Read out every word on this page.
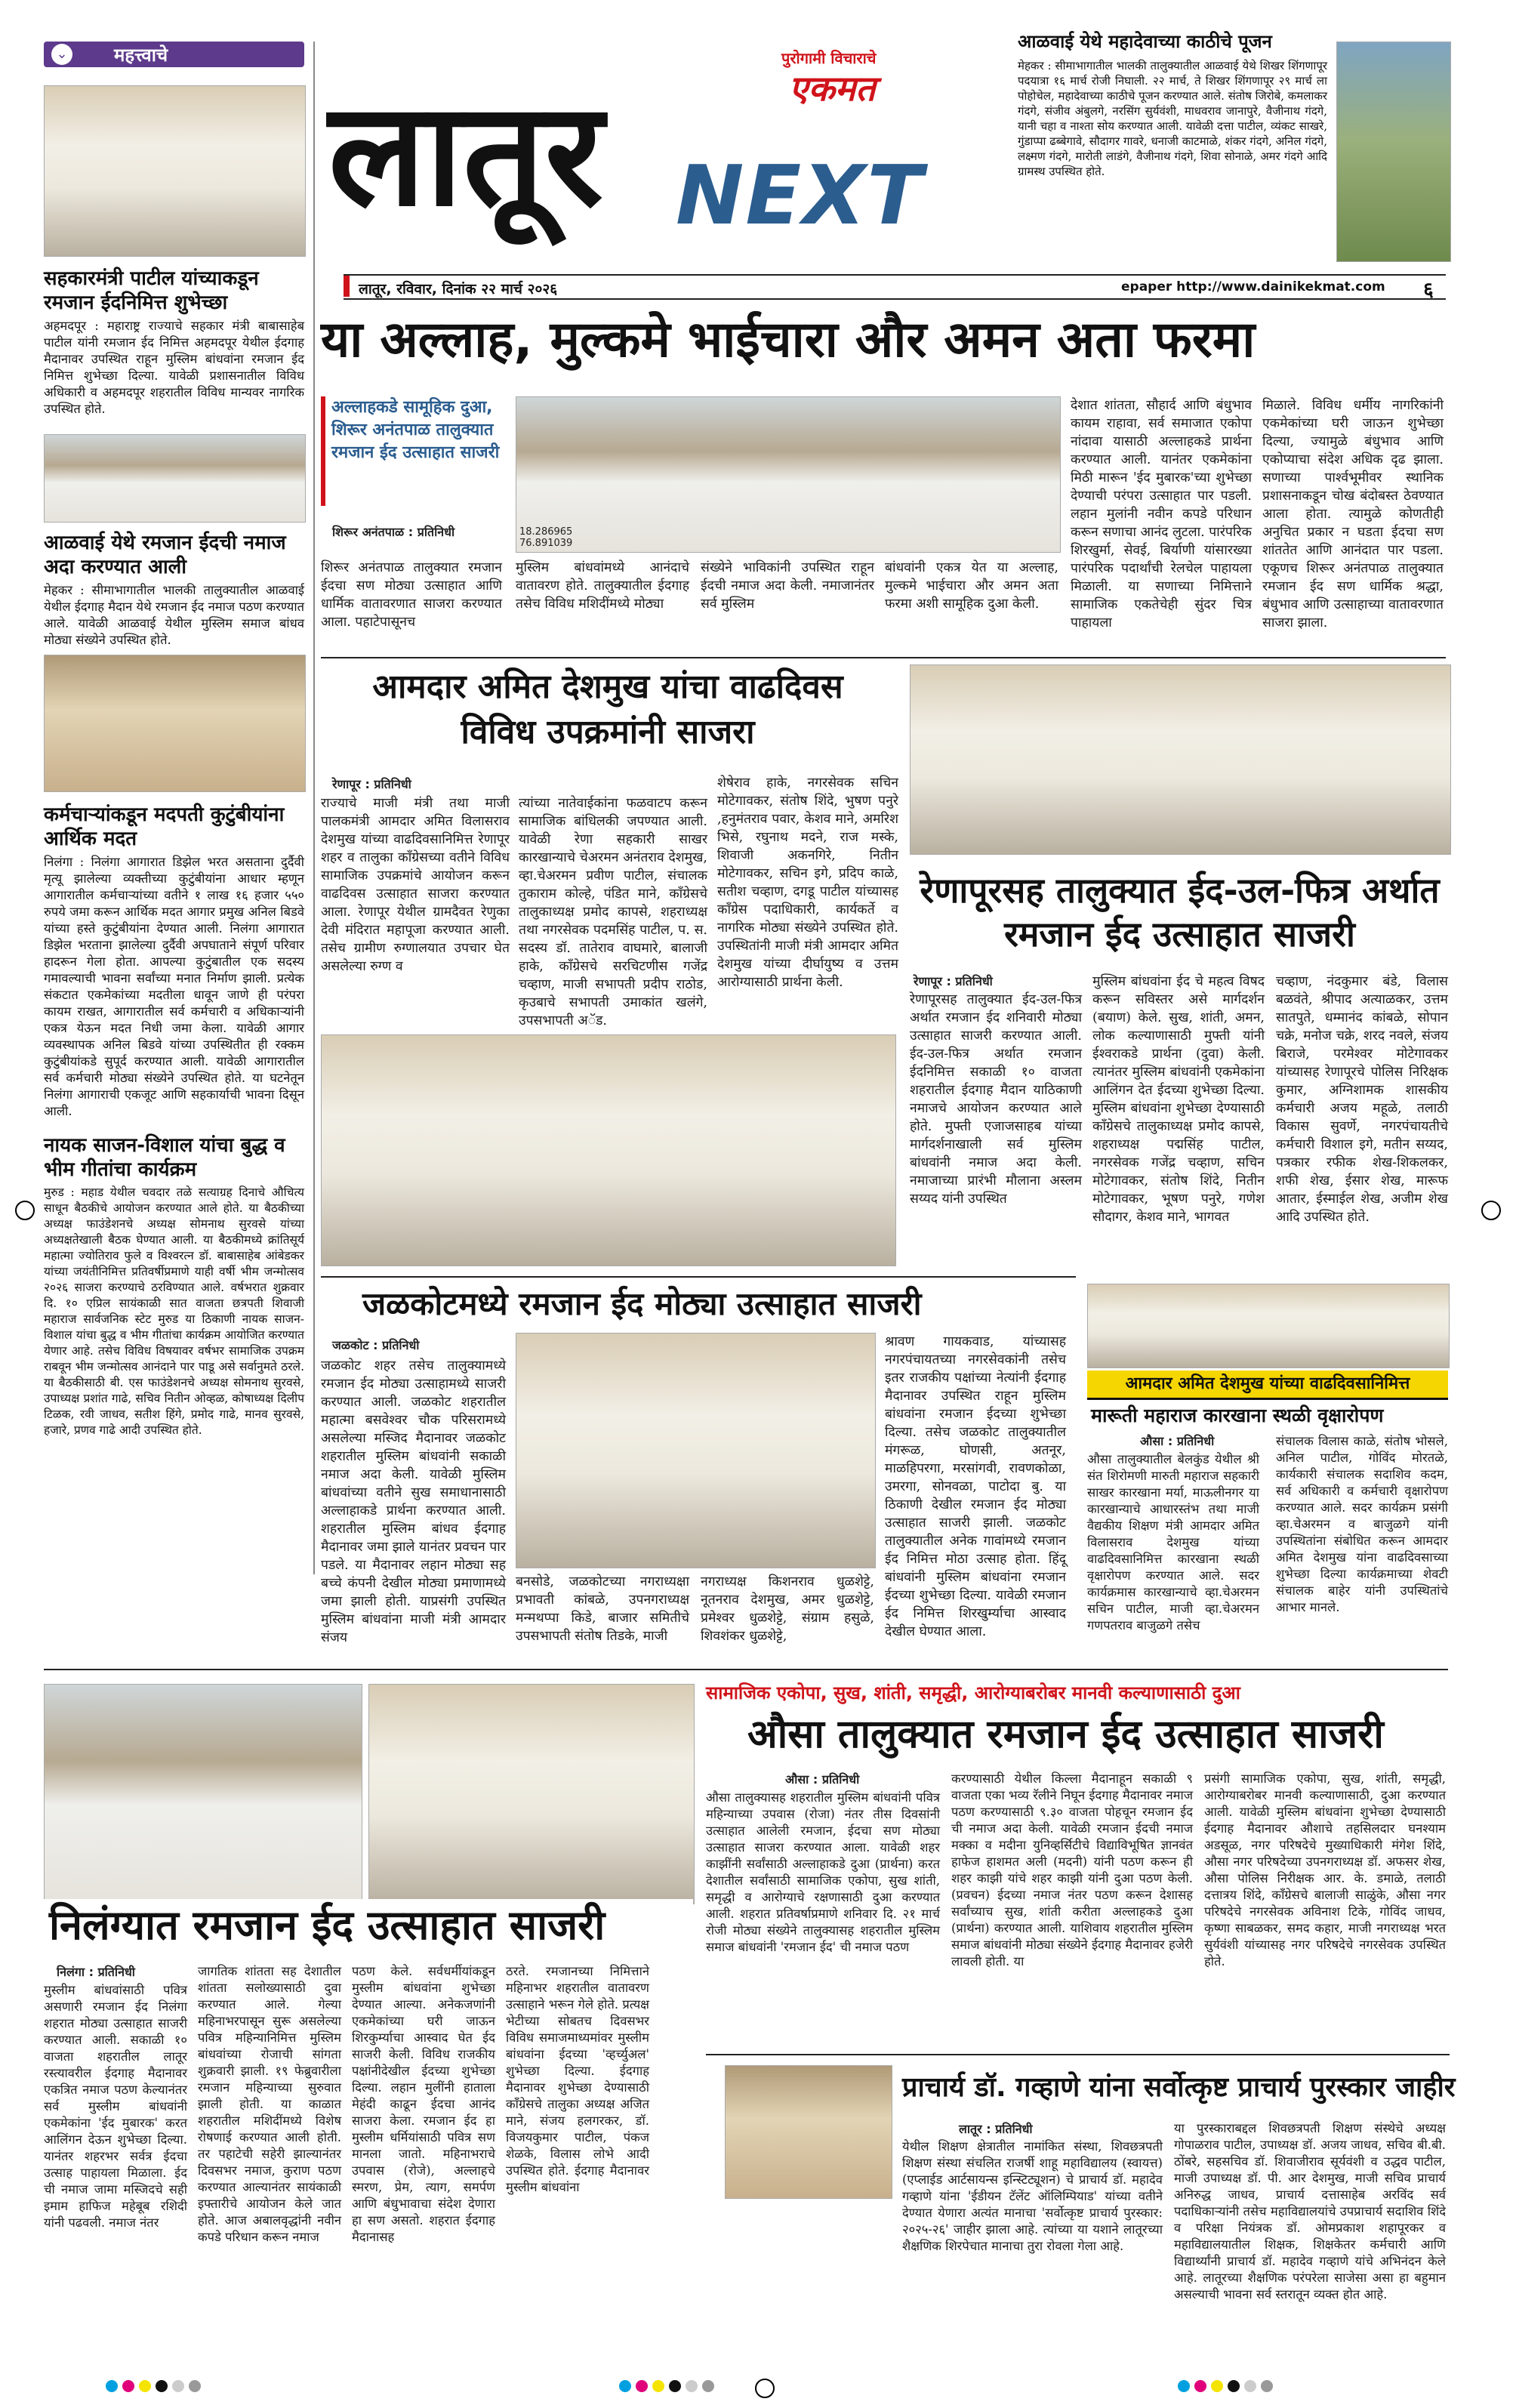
⌄	महत्त्वाचे
सहकारमंत्री पाटील यांच्याकडून रमजान ईदनिमित्त शुभेच्छा
अहमदपूर : महाराष्ट्र राज्याचे सहकार मंत्री बाबासाहेब पाटील यांनी रमजान ईद निमित्त अहमदपूर येथील ईदगाह मैदानावर उपस्थित राहून मुस्लिम बांधवांना रमजान ईद निमित्त शुभेच्छा दिल्या. यावेळी प्रशासनातील विविध अधिकारी व अहमदपूर शहरातील विविध मान्यवर नागरिक उपस्थित होते.
आळवाई येथे रमजान ईदची नमाज अदा करण्यात आली
मेहकर : सीमाभागातील भालकी तालुक्यातील आळवाई येथील ईदगाह मैदान येथे रमजान ईद नमाज पठण करण्यात आले. यावेळी आळवाई येथील मुस्लिम समाज बांधव मोठ्या संख्येने उपस्थित होते.
कर्मचाऱ्यांकडून मदपती कुटुंबीयांना आर्थिक मदत
निलंगा : निलंगा आगारात डिझेल भरत असताना दुर्दैवी मृत्यू झालेल्या व्यक्तीच्या कुटुंबीयांना आधार म्हणून आगारातील कर्मचाऱ्यांच्या वतीने १ लाख १६ हजार ५५० रुपये जमा करून आर्थिक मदत आगार प्रमुख अनिल बिडवे यांच्या हस्ते कुटुंबीयांना देण्यात आली. निलंगा आगारात डिझेल भरताना झालेल्या दुर्दैवी अपघाताने संपूर्ण परिवार हादरून गेला होता. आपल्या कुटुंबातील एक सदस्य गमावल्याची भावना सर्वांच्या मनात निर्माण झाली. प्रत्येक संकटात एकमेकांच्या मदतीला धावून जाणे ही परंपरा कायम राखत, आगारातील सर्व कर्मचारी व अधिकाऱ्यांनी एकत्र येऊन मदत निधी जमा केला. यावेळी आगार व्यवस्थापक अनिल बिडवे यांच्या उपस्थितीत ही रक्कम कुटुंबीयांकडे सुपूर्द करण्यात आली. यावेळी आगारातील सर्व कर्मचारी मोठ्या संख्येने उपस्थित होते. या घटनेतून निलंगा आगाराची एकजूट आणि सहकार्याची भावना दिसून आली.
नायक साजन-विशाल यांचा बुद्ध व भीम गीतांचा कार्यक्रम
मुरुड : महाड येथील चवदार तळे सत्याग्रह दिनाचे औचित्य साधून बैठकीचे आयोजन करण्यात आले होते. या बैठकीच्या अध्यक्ष फाउंडेशनचे अध्यक्ष सोमनाथ सुरवसे यांच्या अध्यक्षतेखाली बैठक घेण्यात आली. या बैठकीमध्ये क्रांतिसूर्य महात्मा ज्योतिराव फुले व विश्वरत्न डॉ. बाबासाहेब आंबेडकर यांच्या जयंतीनिमित्त प्रतिवर्षीप्रमाणे याही वर्षी भीम जन्मोत्सव २०२६ साजरा करण्याचे ठरविण्यात आले. वर्षभरात शुक्रवार दि. १० एप्रिल सायंकाळी सात वाजता छत्रपती शिवाजी महाराज सार्वजनिक स्टेट मुरुड या ठिकाणी नायक साजन-विशाल यांचा बुद्ध व भीम गीतांचा कार्यक्रम आयोजित करण्यात येणार आहे. तसेच विविध विषयावर वर्षभर सामाजिक उपक्रम राबवून भीम जन्मोत्सव आनंदाने पार पाडू असे सर्वानुमते ठरले. या बैठकीसाठी बी. एस फाउंडेशनचे अध्यक्ष सोमनाथ सुरवसे, उपाध्यक्ष प्रशांत गाढे, सचिव नितीन ओव्हळ, कोषाध्यक्ष दिलीप टिळक, रवी जाधव, सतीश हिंगे, प्रमोद गाढे, मानव सुरवसे, हजारे, प्रणव गाढे आदी उपस्थित होते.
लातूर
पुरोगामी विचाराचे
एकमत
NEXT
लातूर, रविवार, दिनांक २२ मार्च २०२६	epaper http://www.dainikekmat.com	६
आळवाई येथे महादेवाच्या काठीचे पूजन
मेहकर : सीमाभागातील भालकी तालुक्यातील आळवाई येथे शिखर शिंगणापूर पदयात्रा १६ मार्च रोजी निघाली. २२ मार्च, ते शिखर शिंगणापूर २९ मार्च ला पोहोचेल, महादेवाच्या काठीचे पूजन करण्यात आले. संतोष जिरोबे, कमलाकर गंदगे, संजीव अंबुलगे, नरसिंग सुर्यवंशी, माधवराव जानापुरे, वैजीनाथ गंदगे, यानी चहा व नाश्ता सोय करण्यात आली. यावेळी दत्ता पाटील, व्यंकट साखरे, गुंडाप्पा ढब्बेगावे, सौदागर गावरे, धनाजी काटमाळे, शंकर गंदगे, अनिल गंदगे, लक्ष्मण गंदगे, मारोती लाडंगे, वैजीनाथ गंदगे, शिवा सोनाळे, अमर गंदगे आदि ग्रामस्थ उपस्थित होते.
या अल्लाह, मुल्कमे भाईचारा और अमन अता फरमा
अल्लाहकडे सामूहिक दुआ, शिरूर अनंतपाळ तालुक्यात रमजान ईद उत्साहात साजरी
शिरूर अनंतपाळ : प्रतिनिधी	18.286965 76.891039
शिरूर अनंतपाळ तालुक्यात रमजान ईदचा सण मोठ्या उत्साहात आणि धार्मिक वातावरणात साजरा करण्यात आला. पहाटेपासूनच
मुस्लिम बांधवांमध्ये आनंदाचे वातावरण होते. तालुक्यातील ईदगाह तसेच विविध मशिदींमध्ये मोठ्या
संख्येने भाविकांनी उपस्थित राहून ईदची नमाज अदा केली. नमाजानंतर सर्व मुस्लिम
बांधवांनी एकत्र येत या अल्लाह, मुल्कमे भाईचारा और अमन अता फरमा अशी सामूहिक दुआ केली.
देशात शांतता, सौहार्द आणि बंधुभाव कायम राहावा, सर्व समाजात एकोपा नांदावा यासाठी अल्लाहकडे प्रार्थना करण्यात आली. यानंतर एकमेकांना मिठी मारून 'ईद मुबारक'च्या शुभेच्छा देण्याची परंपरा उत्साहात पार पडली. लहान मुलांनी नवीन कपडे परिधान करून सणाचा आनंद लुटला. पारंपरिक शिरखुर्मा, सेवई, बिर्याणी यांसारख्या पारंपरिक पदार्थांची रेलचेल पाहायला मिळाली. या सणाच्या निमित्ताने सामाजिक एकतेचेही सुंदर चित्र पाहायला
मिळाले. विविध धर्मीय नागरिकांनी एकमेकांच्या घरी जाऊन शुभेच्छा दिल्या, ज्यामुळे बंधुभाव आणि एकोप्याचा संदेश अधिक दृढ झाला. सणाच्या पार्श्वभूमीवर स्थानिक प्रशासनाकडून चोख बंदोबस्त ठेवण्यात आला होता. त्यामुळे कोणतीही अनुचित प्रकार न घडता ईदचा सण शांततेत आणि आनंदात पार पडला. एकूणच शिरूर अनंतपाळ तालुक्यात रमजान ईद सण धार्मिक श्रद्धा, बंधुभाव आणि उत्साहाच्या वातावरणात साजरा झाला.
आमदार अमित देशमुख यांचा वाढदिवस विविध उपक्रमांनी साजरा
रेणापूर : प्रतिनिधी
राज्याचे माजी मंत्री तथा माजी पालकमंत्री आमदार अमित विलासराव देशमुख यांच्या वाढदिवसानिमित्त रेणापूर शहर व तालुका काँग्रेसच्या वतीने विविध सामाजिक उपक्रमांचे आयोजन करून वाढदिवस उत्साहात साजरा करण्यात आला. रेणापूर येथील ग्रामदैवत रेणुका देवी मंदिरात महापूजा करण्यात आली. तसेच ग्रामीण रुग्णालयात उपचार घेत असलेल्या रुग्ण व
त्यांच्या नातेवाईकांना फळवाटप करून सामाजिक बांधिलकी जपण्यात आली. यावेळी रेणा सहकारी साखर कारखान्याचे चेअरमन अनंतराव देशमुख, व्हा.चेअरमन प्रवीण पाटील, संचालक तुकाराम कोल्हे, पंडित माने, कॉंग्रेसचे तालुकाध्यक्ष प्रमोद कापसे, शहराध्यक्ष तथा नगरसेवक पदमसिंह पाटील, प. स. सदस्य डॉ. तातेराव वाघमारे, बालाजी हाके, काँग्रेसचे सरचिटणीस गजेंद्र चव्हाण, माजी सभापती प्रदीप राठोड, कृउबाचे सभापती उमाकांत खलंगे, उपसभापती अॅड.
शेषेराव हाके, नगरसेवक सचिन मोटेगावकर, संतोष शिंदे, भुषण पनुरे ,हनुमंतराव पवार, केशव माने, अमरिश भिसे, रघुनाथ मदने, राज मस्के, शिवाजी अकनगिरे, नितीन मोटेगावकर, सचिन इगे, प्रदिप काळे, सतीश चव्हाण, दगडू पाटील यांच्यासह काँग्रेस पदाधिकारी, कार्यकर्ते व नागरिक मोठ्या संख्येने उपस्थित होते. उपस्थितांनी माजी मंत्री आमदार अमित देशमुख यांच्या दीर्घायुष्य व उत्तम आरोग्यासाठी प्रार्थना केली.
रेणापूरसह तालुक्यात ईद-उल-फित्र अर्थात रमजान ईद उत्साहात साजरी
रेणापूर : प्रतिनिधी
रेणापूरसह तालुक्यात ईद-उल-फित्र अर्थात रमजान ईद शनिवारी मोठ्या उत्साहात साजरी करण्यात आली. ईद-उल-फित्र अर्थात रमजान ईदनिमित्त सकाळी १० वाजता शहरातील ईदगाह मैदान याठिकाणी नमाजचे आयोजन करण्यात आले होते. मुफ्ती एजाजसाहब यांच्या मार्गदर्शनाखाली सर्व मुस्लिम बांधवांनी नमाज अदा केली. नमाजाच्या प्रारंभी मौलाना अस्लम सय्यद यांनी उपस्थित
मुस्लिम बांधवांना ईद चे महत्व विषद करून सविस्तर असे मार्गदर्शन (बयाण) केले. सुख, शांती, अमन, लोक कल्याणासाठी मुफ्ती यांनी ईश्वराकडे प्रार्थना (दुवा) केली. त्यानंतर मुस्लिम बांधवांनी एकमेकांना आलिंगन देत ईदच्या शुभेच्छा दिल्या. मुस्लिम बांधवांना शुभेच्छा देण्यासाठी कॉंग्रेसचे तालुकाध्यक्ष प्रमोद कापसे, शहराध्यक्ष पद्मसिंह पाटील, नगरसेवक गजेंद्र चव्हाण, सचिन मोटेगावकर, संतोष शिंदे, नितीन मोटेगावकर, भूषण पनुरे, गणेश सौदागर, केशव माने, भागवत
चव्हाण, नंदकुमार बंडे, विलास बळवंते, श्रीपाद अत्याळकर, उत्तम सातपुते, धम्मानंद कांबळे, सोपान चक्रे, मनोज चक्रे, शरद नवले, संजय बिराजे, परमेश्वर मोटेगावकर यांच्यासह रेणापूरचे पोलिस निरिक्षक कुमार, अग्निशामक शासकीय कर्मचारी अजय महूळे, तलाठी विकास सुवर्णे, नगरपंचायतीचे कर्मचारी विशाल इगे, मतीन सय्यद, पत्रकार रफीक शेख-शिकलकर, शफी शेख, ईसार शेख, मारूफ आतार, ईस्माईल शेख, अजीम शेख आदि उपस्थित होते.
जळकोटमध्ये रमजान ईद मोठ्या उत्साहात साजरी
जळकोट : प्रतिनिधी
जळकोट शहर तसेच तालुक्यामध्ये रमजान ईद मोठ्या उत्साहामध्ये साजरी करण्यात आली. जळकोट शहरातील महात्मा बसवेश्वर चौक परिसरामध्ये असलेल्या मस्जिद मैदानावर जळकोट शहरातील मुस्लिम बांधवांनी सकाळी नमाज अदा केली. यावेळी मुस्लिम बांधवांच्या वतीने सुख समाधानासाठी अल्लाहाकडे प्रार्थना करण्यात आली. शहरातील मुस्लिम बांधव ईदगाह मैदानावर जमा झाले यानंतर प्रवचन पार पडले. या मैदानावर लहान मोठ्या सह बच्चे कंपनी देखील मोठ्या प्रमाणामध्ये जमा झाली होती. याप्रसंगी उपस्थित मुस्लिम बांधवांना माजी मंत्री आमदार संजय
बनसोडे, जळकोटच्या नगराध्यक्षा प्रभावती कांबळे, उपनगराध्यक्ष मन्मथप्पा किडे, बाजार समितीचे उपसभापती संतोष तिडके, माजी
नगराध्यक्ष किशनराव धुळशेट्टे, नूतनराव देशमुख, अमर धुळशेट्टे, प्रमेश्वर धुळशेट्टे, संग्राम हसुळे, शिवशंकर धुळशेट्टे,
श्रावण गायकवाड, यांच्यासह नगरपंचायतच्या नगरसेवकांनी तसेच इतर राजकीय पक्षांच्या नेत्यांनी ईदगाह मैदानावर उपस्थित राहून मुस्लिम बांधवांना रमजान ईदच्या शुभेच्छा दिल्या. तसेच जळकोट तालुक्यातील मंगरूळ, घोणसी, अतनूर, माळहिपरगा, मरसांगवी, रावणकोळा, उमरगा, सोनवळा, पाटोदा बु. या ठिकाणी देखील रमजान ईद मोठ्या उत्साहात साजरी झाली. जळकोट तालुक्यातील अनेक गावांमध्ये रमजान ईद निमित्त मोठा उत्साह होता. हिंदू बांधवांनी मुस्लिम बांधवांना रमजान ईदच्या शुभेच्छा दिल्या. यावेळी रमजान ईद निमित्त शिरखुर्म्याचा आस्वाद देखील घेण्यात आला.
आमदार अमित देशमुख यांच्या वाढदिवसानिमित्त
मारूती महाराज कारखाना स्थळी वृक्षारोपण
औसा : प्रतिनिधी
औसा तालुक्यातील बेलकुंड येथील श्री संत शिरोमणी मारुती महाराज सहकारी साखर कारखाना मर्या, माऊलीनगर या कारखान्याचे आधारस्तंभ तथा माजी वैद्यकीय शिक्षण मंत्री आमदार अमित विलासराव देशमुख यांच्या वाढदिवसानिमित्त कारखाना स्थळी वृक्षारोपण करण्यात आले. सदर कार्यक्रमास कारखान्याचे व्हा.चेअरमन सचिन पाटील, माजी व्हा.चेअरमन गणपतराव बाजुळगे तसेच
संचालक विलास काळे, संतोष भोसले, अनिल पाटील, गोविंद मोरतळे, कार्यकारी संचालक सदाशिव कदम, सर्व अधिकारी व कर्मचारी वृक्षारोपण करण्यात आले. सदर कार्यक्रम प्रसंगी व्हा.चेअरमन व बाजुळगे यांनी उपस्थितांना संबोधित करून आमदार अमित देशमुख यांना वाढदिवसाच्या शुभेच्छा दिल्या कार्यक्रमाच्या शेवटी संचालक बाहेर यांनी उपस्थितांचे आभार मानले.
निलंग्यात रमजान ईद उत्साहात साजरी
निलंगा : प्रतिनिधी
मुस्लीम बांधवांसाठी पवित्र असणारी रमजान ईद निलंगा शहरात मोठ्या उत्साहात साजरी करण्यात आली. सकाळी १० वाजता शहरातील लातूर रस्त्यावरील ईदगाह मैदानावर एकत्रित नमाज पठण केल्यानंतर सर्व मुस्लीम बांधवांनी एकमेकांना 'ईद मुबारक' करत आलिंगन देऊन शुभेच्छा दिल्या. यानंतर शहरभर सर्वत्र ईदचा उत्साह पाहायला मिळाला. ईद ची नमाज जामा मस्जिदचे सही इमाम हाफिज महेबूब रशिदी यांनी पढवली. नमाज नंतर
जागतिक शांतता सह देशातील शांतता सलोख्यासाठी दुवा करण्यात आले. गेल्या महिनाभरपासून सुरू असलेल्या पवित्र महिन्यानिमित्त मुस्लिम बांधवांच्या रोजाची सांगता शुक्रवारी झाली. १९ फेब्रुवारीला रमजान महिन्याच्या सुरुवात झाली होती. या काळात शहरातील मशिदींमध्ये विशेष रोषणाई करण्यात आली होती. तर पहाटेची सहेरी झाल्यानंतर दिवसभर नमाज, कुराण पठण करण्यात आल्यानंतर सायंकाळी इफ्तारीचे आयोजन केले जात होते. आज अबालवृद्धांनी नवीन कपडे परिधान करून नमाज
पठण केले. सर्वधर्मीयांकडून मुस्लीम बांधवांना शुभेच्छा देण्यात आल्या. अनेकजणांनी एकमेकांच्या घरी जाऊन शिरकुर्म्याचा आस्वाद घेत ईद साजरी केली. विविध राजकीय पक्षांनीदेखील ईदच्या शुभेच्छा दिल्या. लहान मुलींनी हाताला मेहंदी काढून ईदचा आनंद साजरा केला. रमजान ईद हा मुस्लीम धर्मियांसाठी पवित्र सण मानला जातो. महिनाभराचे उपवास (रोजे), अल्लाहचे स्मरण, प्रेम, त्याग, समर्पण आणि बंधुभावाचा संदेश देणारा हा सण असतो. शहरात ईदगाह मैदानासह
ठरते. रमजानच्या निमित्ताने महिनाभर शहरातील वातावरण उत्साहाने भरून गेले होते. प्रत्यक्ष भेटीच्या सोबतच दिवसभर विविध समाजमाध्यमांवर मुस्लीम बांधवांना ईदच्या 'व्हर्च्युअल' शुभेच्छा दिल्या. ईदगाह मैदानावर शुभेच्छा देण्यासाठी काँग्रेसचे तालुका अध्यक्ष अजित माने, संजय हलगरकर, डॉ. विजयकुमार पाटील, पंकज शेळके, विलास लोभे आदी उपस्थित होते. ईदगाह मैदानावर मुस्लीम बांधवांना
सामाजिक एकोपा, सुख, शांती, समृद्धी, आरोग्याबरोबर मानवी कल्याणासाठी दुआ
औसा तालुक्यात रमजान ईद उत्साहात साजरी
औसा : प्रतिनिधी
औसा तालुक्यासह शहरातील मुस्लिम बांधवांनी पवित्र महिन्याच्या उपवास (रोजा) नंतर तीस दिवसांनी उत्साहात आलेली रमजान, ईदचा सण मोठ्या उत्साहात साजरा करण्यात आला. यावेळी शहर काझींनी सर्वांसाठी अल्लाहाकडे दुआ (प्रार्थना) करत देशातील सर्वांसाठी सामाजिक एकोपा, सुख शांती, समृद्धी व आरोग्याचे रक्षणासाठी दुआ करण्यात आली. शहरात प्रतिवर्षाप्रमाणे शनिवार दि. २१ मार्च रोजी मोठ्या संख्येने तालुक्यासह शहरातील मुस्लिम समाज बांधवांनी 'रमजान ईद' ची नमाज पठण
करण्यासाठी येथील किल्ला मैदानाहून सकाळी ९ वाजता एका भव्य रॅलीने निघून ईदगाह मैदानावर नमाज पठण करण्यासाठी ९.३० वाजता पोहचून रमजान ईद ची नमाज अदा केली. यावेळी रमजान ईदची नमाज मक्का व मदीना युनिव्हर्सिटीचे विद्याविभूषित ज्ञानवंत हाफेज हाशमत अली (मदनी) यांनी पठण करून ही शहर काझी यांचे शहर काझी यांनी दुआ पठण केली. (प्रवचन) ईदच्या नमाज नंतर पठण करून देशासह सर्वांच्याच सुख, शांती करीता अल्लाहकडे दुआ (प्रार्थना) करण्यात आली. याशिवाय शहरातील मुस्लिम समाज बांधवांनी मोठ्या संख्येने ईदगाह मैदानावर हजेरी लावली होती. या
प्रसंगी सामाजिक एकोपा, सुख, शांती, समृद्धी, आरोग्याबरोबर मानवी कल्याणासाठी, दुआ करण्यात आली. यावेळी मुस्लिम बांधवांना शुभेच्छा देण्यासाठी ईदगाह मैदानावर औशाचे तहसिलदार घनश्याम अडसूळ, नगर परिषदेचे मुख्याधिकारी मंगेश शिंदे, औसा नगर परिषदेच्या उपनगराध्यक्ष डॉ. अफसर शेख, औसा पोलिस निरीक्षक आर. के. डमाळे, तलाठी दत्तात्रय शिंदे, काँग्रेसचे बालाजी साळुंके, औसा नगर परिषदेचे नगरसेवक अविनाश टिके, गोविंद जाधव, कृष्णा साबळकर, समद कहार, माजी नगराध्यक्ष भरत सुर्यवंशी यांच्यासह नगर परिषदेचे नगरसेवक उपस्थित होते.
प्राचार्य डॉ. गव्हाणे यांना सर्वोत्कृष्ट प्राचार्य पुरस्कार जाहीर
लातूर : प्रतिनिधी
येथील शिक्षण क्षेत्रातील नामांकित संस्था, शिवछत्रपती शिक्षण संस्था संचलित राजर्षी शाहू महाविद्यालय (स्वायत्त) (एप्लाईड आर्टसायन्स इन्स्टिट्यूशन) चे प्राचार्य डॉ. महादेव गव्हाणे यांना 'ईडीयन टॅलेंट ऑलिम्पियाड' यांच्या वतीने देण्यात येणारा अत्यंत मानाचा 'सर्वोत्कृष्ट प्राचार्य पुरस्कार: २०२५-२६' जाहीर झाला आहे. त्यांच्या या यशाने लातूरच्या शैक्षणिक शिरपेचात मानाचा तुरा रोवला गेला आहे.
या पुरस्काराबद्दल शिवछत्रपती शिक्षण संस्थेचे अध्यक्ष गोपाळराव पाटील, उपाध्यक्ष डॉ. अजय जाधव, सचिव बी.बी. ठोंबरे, सहसचिव डॉ. शिवाजीराव सूर्यवंशी व उद्धव पाटील, माजी उपाध्यक्ष डॉ. पी. आर देशमुख, माजी सचिव प्राचार्य अनिरुद्ध जाधव, प्राचार्य दत्तासाहेब अरविंद सर्व पदाधिकाऱ्यांनी तसेच महाविद्यालयांचे उपप्राचार्य सदाशिव शिंदे व परिक्षा नियंत्रक डॉ. ओमप्रकाश शहापूरकर व महाविद्यालयातील शिक्षक, शिक्षकेतर कर्मचारी आणि विद्यार्थ्यांनी प्राचार्य डॉ. महादेव गव्हाणे यांचे अभिनंदन केले आहे. लातूरच्या शैक्षणिक परंपरेला साजेसा असा हा बहुमान असल्याची भावना सर्व स्तरातून व्यक्त होत आहे.
